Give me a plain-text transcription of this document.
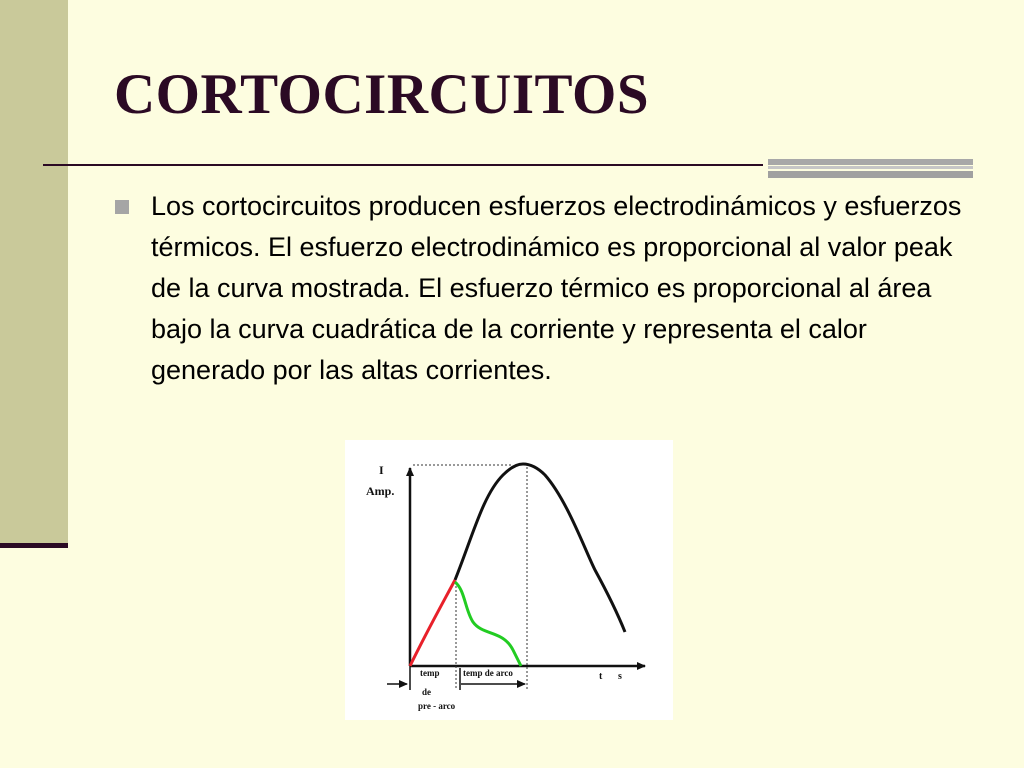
CORTOCIRCUITOS

Los cortocircuitos producen esfuerzos electrodinámicos y esfuerzos térmicos. El esfuerzo electrodinámico es proporcional al valor peak de la curva mostrada. El esfuerzo térmico es proporcional al área bajo la curva cuadrática de la corriente y representa el calor generado por las altas corrientes.

I
Amp.
t s
temp
de
pre - arco
temp de arco
